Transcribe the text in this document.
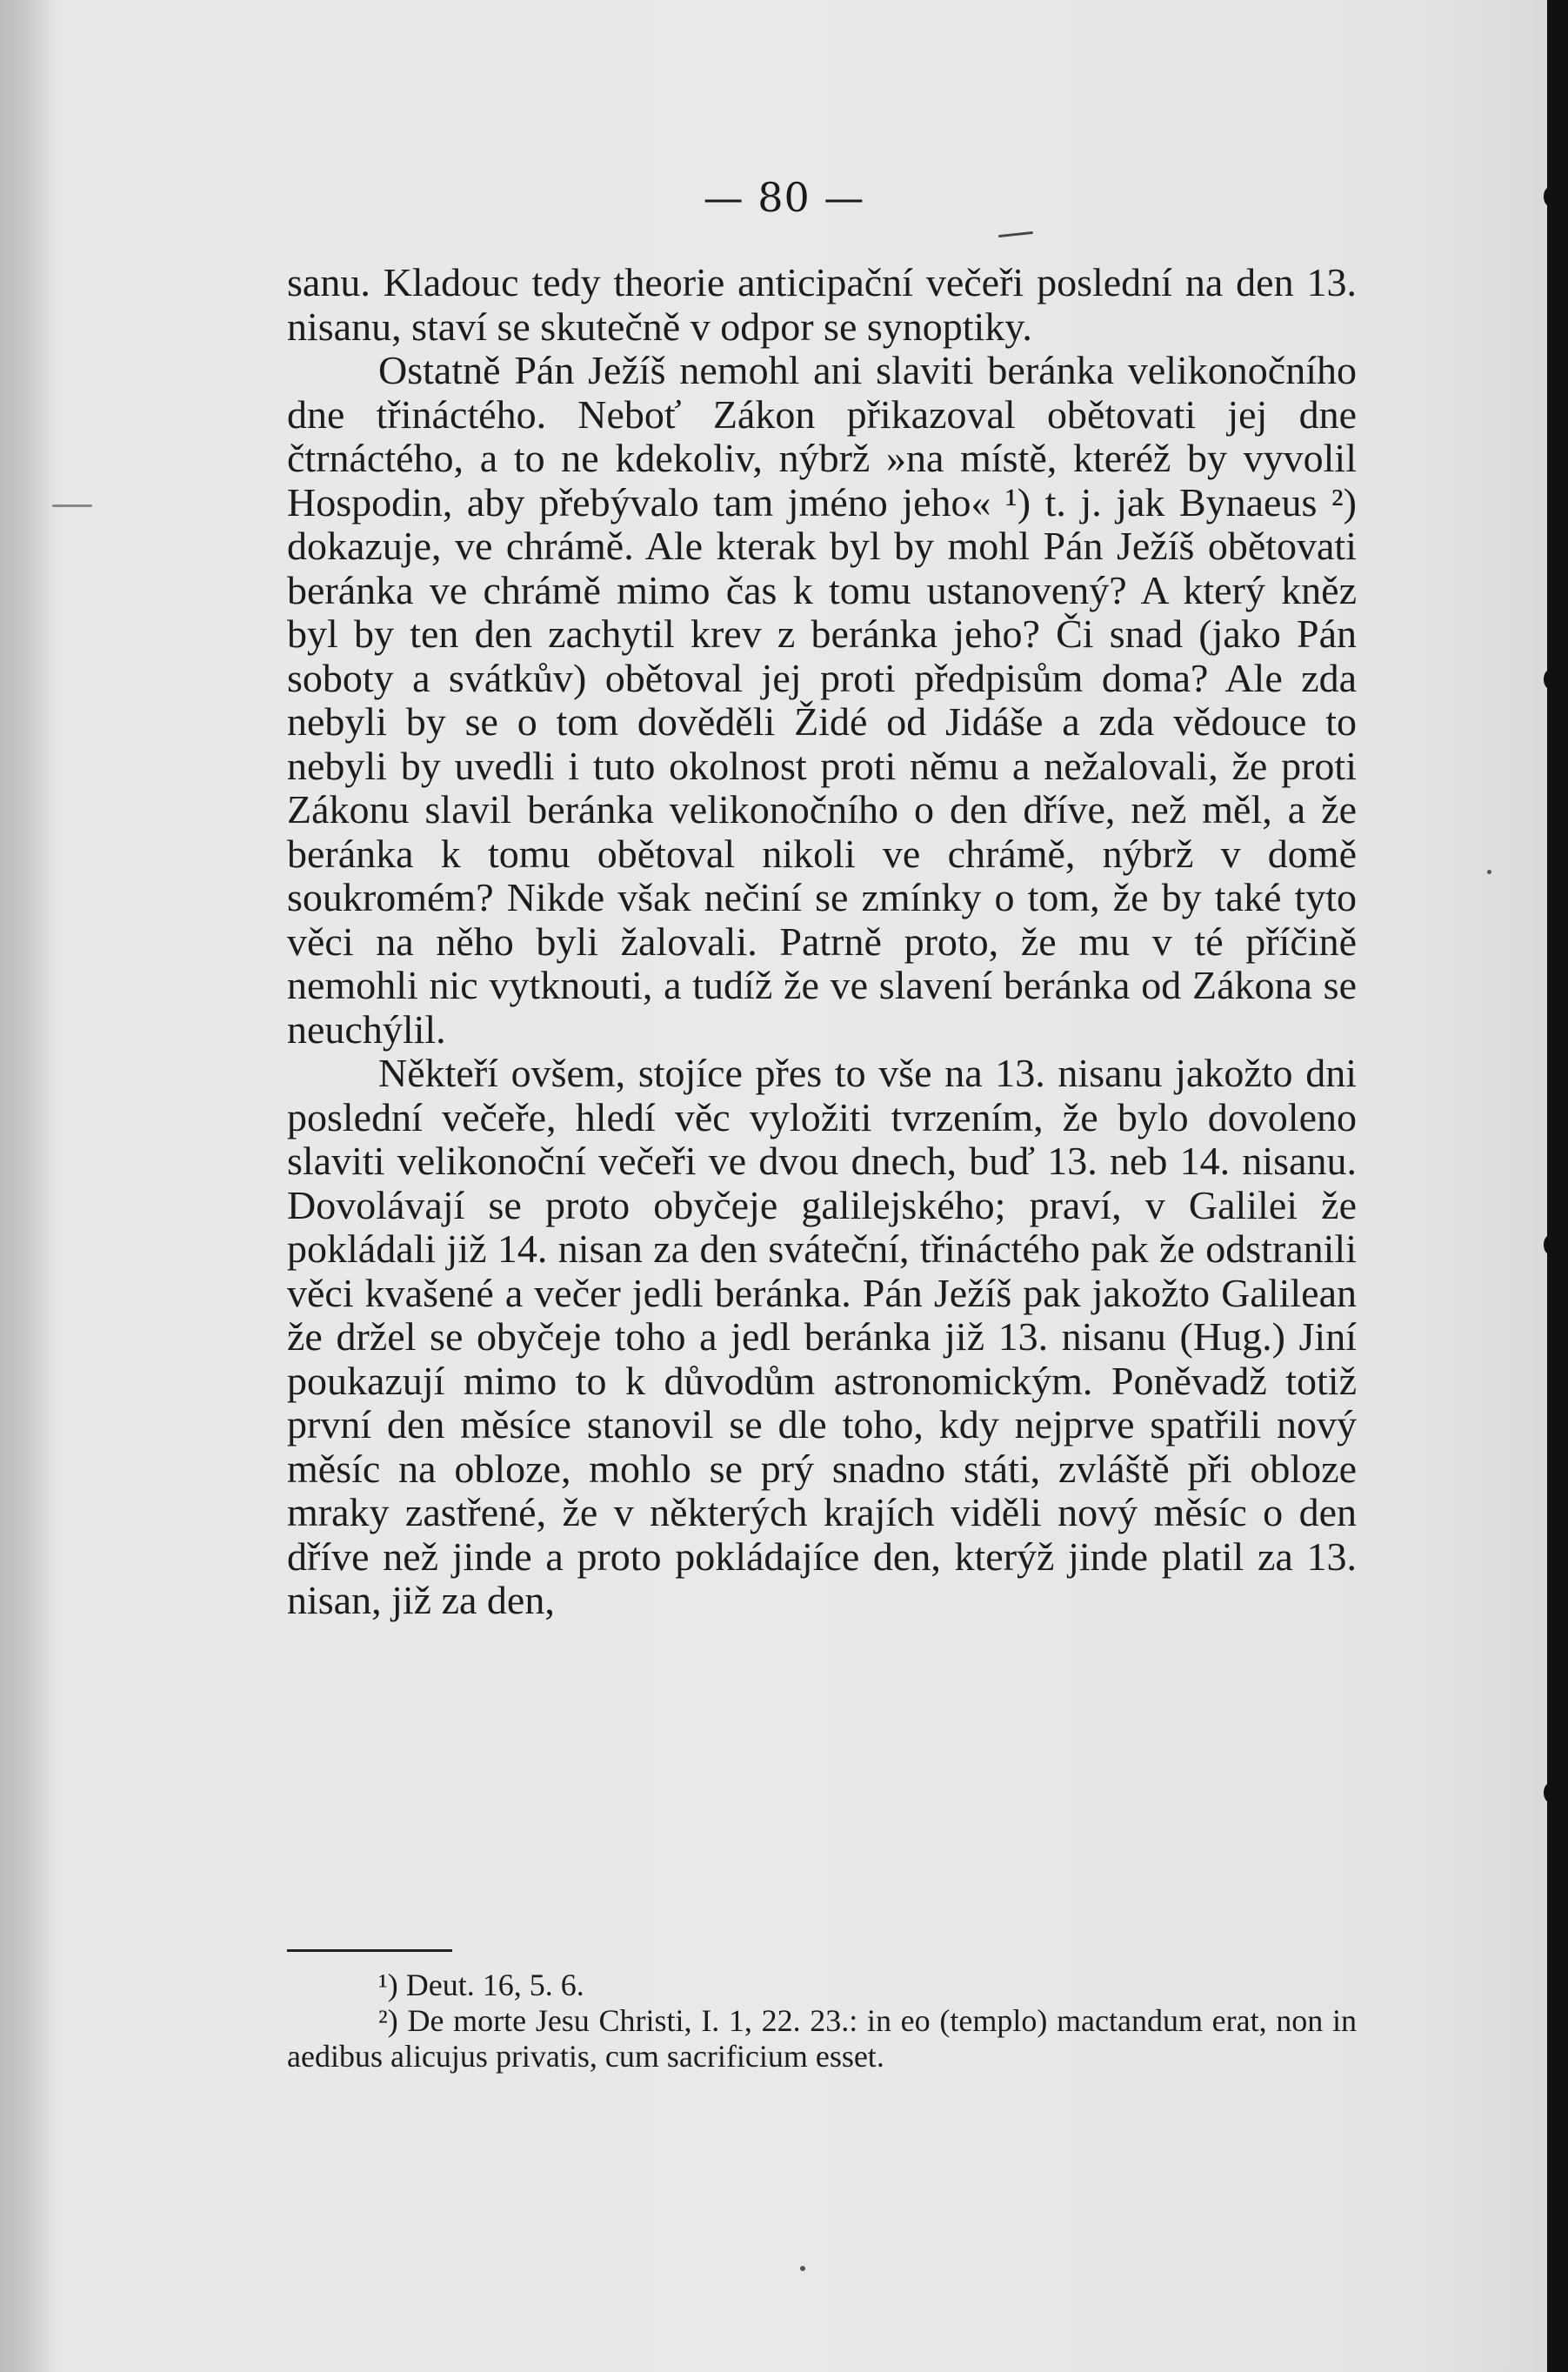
— 80 —

sanu. Kladouc tedy theorie anticipační večeři poslední na den 13. nisanu, staví se skutečně v odpor se synoptiky.

Ostatně Pán Ježíš nemohl ani slaviti beránka velikonočního dne třináctého. Neboť Zákon přikazoval obětovati jej dne čtrnáctého, a to ne kdekoliv, nýbrž »na místě, kteréž by vyvolil Hospodin, aby přebývalo tam jméno jeho« ¹) t. j. jak Bynaeus ²) dokazuje, ve chrámě. Ale kterak byl by mohl Pán Ježíš obětovati beránka ve chrámě mimo čas k tomu ustanovený? A který kněz byl by ten den zachytil krev z beránka jeho? Či snad (jako Pán soboty a svátkův) obětoval jej proti předpisům doma? Ale zda nebyli by se o tom dověděli Židé od Jidáše a zda vědouce to nebyli by uvedli i tuto okolnost proti němu a nežalovali, že proti Zákonu slavil beránka velikonočního o den dříve, než měl, a že beránka k tomu obětoval nikoli ve chrámě, nýbrž v domě soukromém? Nikde však nečiní se zmínky o tom, že by také tyto věci na něho byli žalovali. Patrně proto, že mu v té příčině nemohli nic vytknouti, a tudíž že ve slavení beránka od Zákona se neuchýlil.

Někteří ovšem, stojíce přes to vše na 13. nisanu jakožto dni poslední večeře, hledí věc vyložiti tvrzením, že bylo dovoleno slaviti velikonoční večeři ve dvou dnech, buď 13. neb 14. nisanu. Dovolávají se proto obyčeje galilejského; praví, v Galilei že pokládali již 14. nisan za den sváteční, třináctého pak že odstranili věci kvašené a večer jedli beránka. Pán Ježíš pak jakožto Galilean že držel se obyčeje toho a jedl beránka již 13. nisanu (Hug.) Jiní poukazují mimo to k důvodům astronomickým. Poněvadž totiž první den měsíce stanovil se dle toho, kdy nejprve spatřili nový měsíc na obloze, mohlo se prý snadno státi, zvláště při obloze mraky zastřené, že v některých krajích viděli nový měsíc o den dříve než jinde a proto pokládajíce den, kterýž jinde platil za 13. nisan, již za den,

¹) Deut. 16, 5. 6.

²) De morte Jesu Christi, I. 1, 22. 23.: in eo (templo) mactandum erat, non in aedibus alicujus privatis, cum sacrificium esset.
